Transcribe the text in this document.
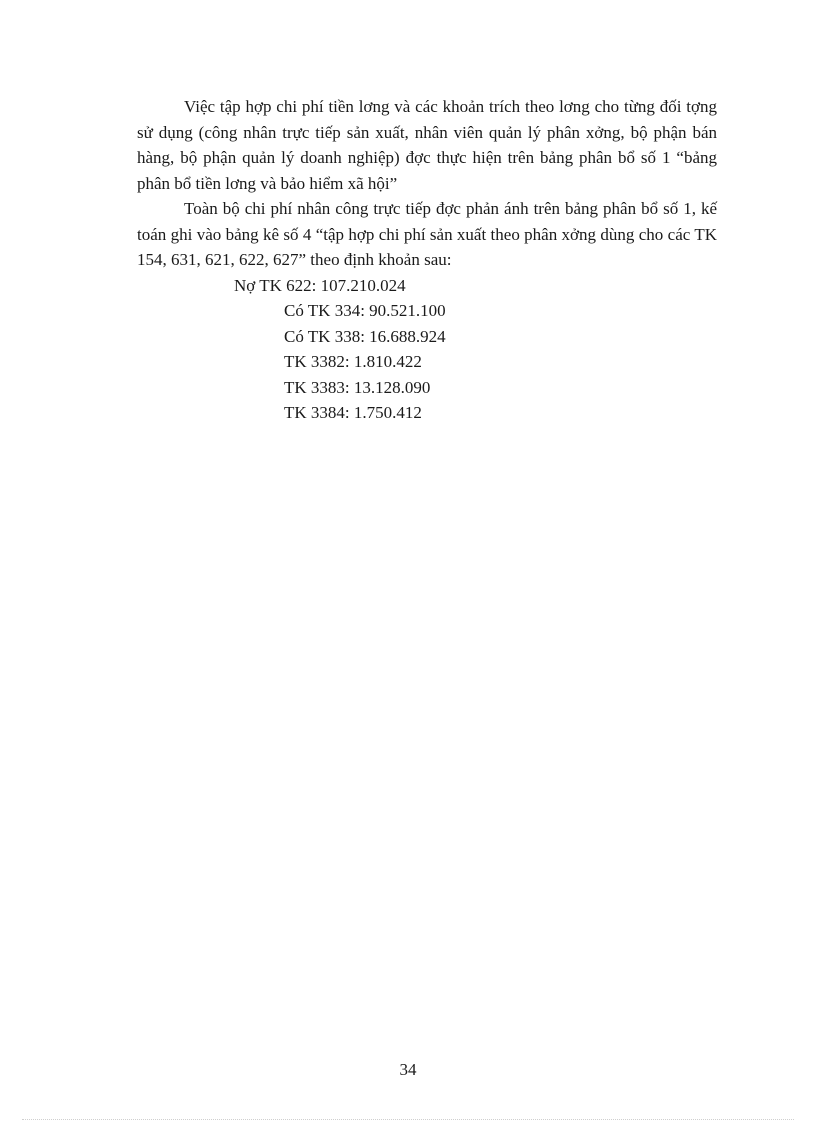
Việc tập hợp chi phí tiền lơng và các khoản trích theo lơng cho từng đối tợng sử dụng (công nhân trực tiếp sản xuất, nhân viên quản lý phân xởng, bộ phận bán hàng, bộ phận quản lý doanh nghiệp) đợc thực hiện trên bảng phân bổ số 1 “bảng phân bổ tiền lơng và bảo hiểm xã hội”

Toàn bộ chi phí nhân công trực tiếp đợc phản ánh trên bảng phân bổ số 1, kế toán ghi vào bảng kê số 4 “tập hợp chi phí sản xuất theo phân xởng dùng cho các TK 154, 631, 621, 622, 627” theo định khoản sau:

Nợ TK 622: 107.210.024

Có TK 334: 90.521.100

Có TK 338: 16.688.924

TK 3382: 1.810.422

TK 3383: 13.128.090

TK 3384: 1.750.412

34
